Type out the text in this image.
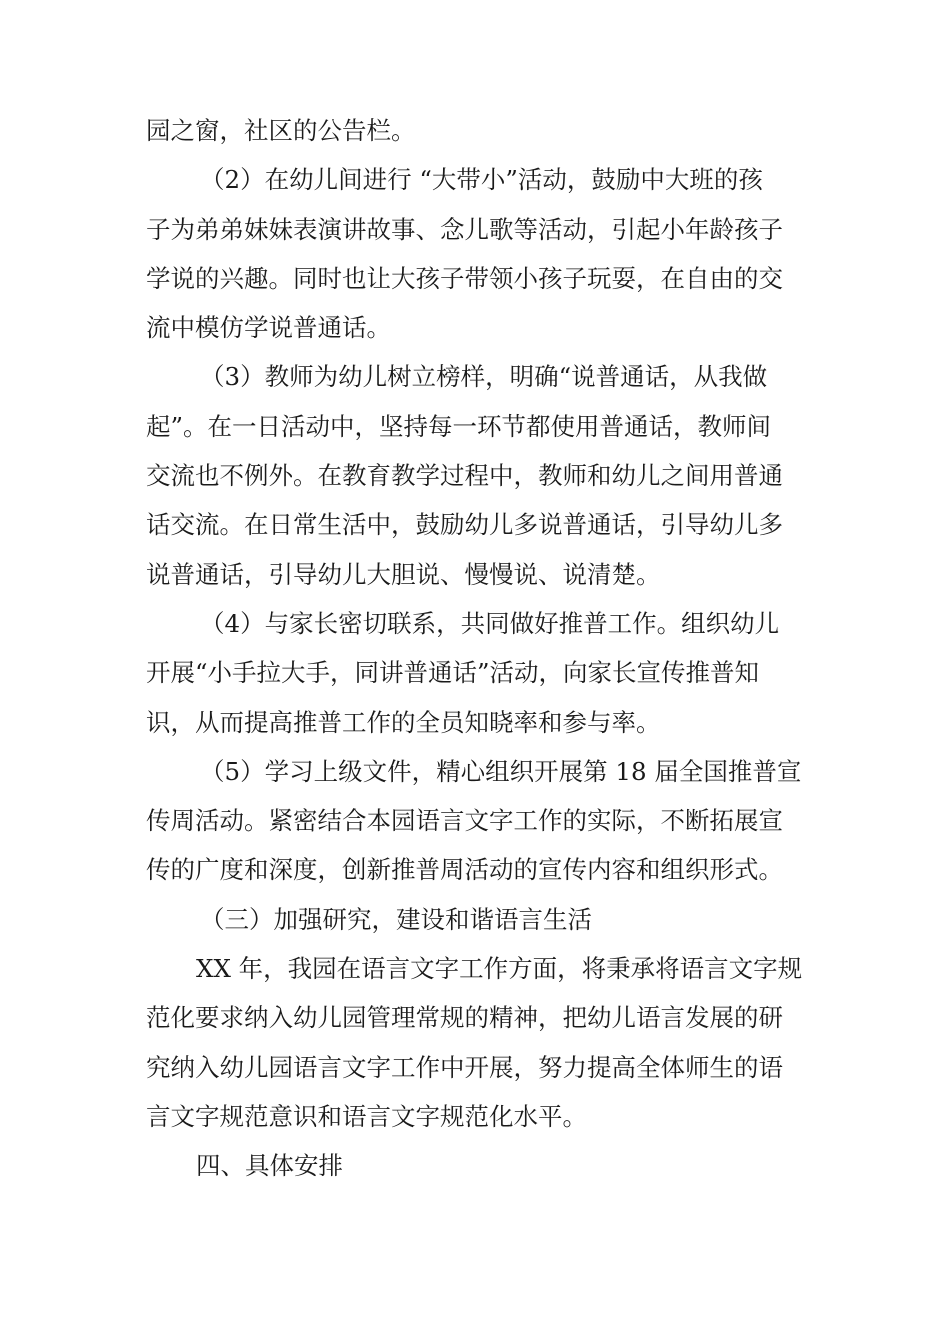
园之窗，社区的公告栏。
（2）在幼儿间进行 “大带小”活动，鼓励中大班的孩
子为弟弟妹妹表演讲故事、念儿歌等活动，引起小年龄孩子
学说的兴趣。同时也让大孩子带领小孩子玩耍，在自由的交
流中模仿学说普通话。
（3）教师为幼儿树立榜样，明确“说普通话，从我做
起”。在一日活动中，坚持每一环节都使用普通话，教师间
交流也不例外。在教育教学过程中，教师和幼儿之间用普通
话交流。在日常生活中，鼓励幼儿多说普通话，引导幼儿多
说普通话，引导幼儿大胆说、慢慢说、说清楚。
（4）与家长密切联系，共同做好推普工作。组织幼儿
开展“小手拉大手，同讲普通话”活动，向家长宣传推普知
识，从而提高推普工作的全员知晓率和参与率。
（5）学习上级文件，精心组织开展第 18 届全国推普宣
传周活动。紧密结合本园语言文字工作的实际，不断拓展宣
传的广度和深度，创新推普周活动的宣传内容和组织形式。
（三）加强研究，建设和谐语言生活
XX 年，我园在语言文字工作方面，将秉承将语言文字规
范化要求纳入幼儿园管理常规的精神，把幼儿语言发展的研
究纳入幼儿园语言文字工作中开展，努力提高全体师生的语
言文字规范意识和语言文字规范化水平。
四、具体安排
